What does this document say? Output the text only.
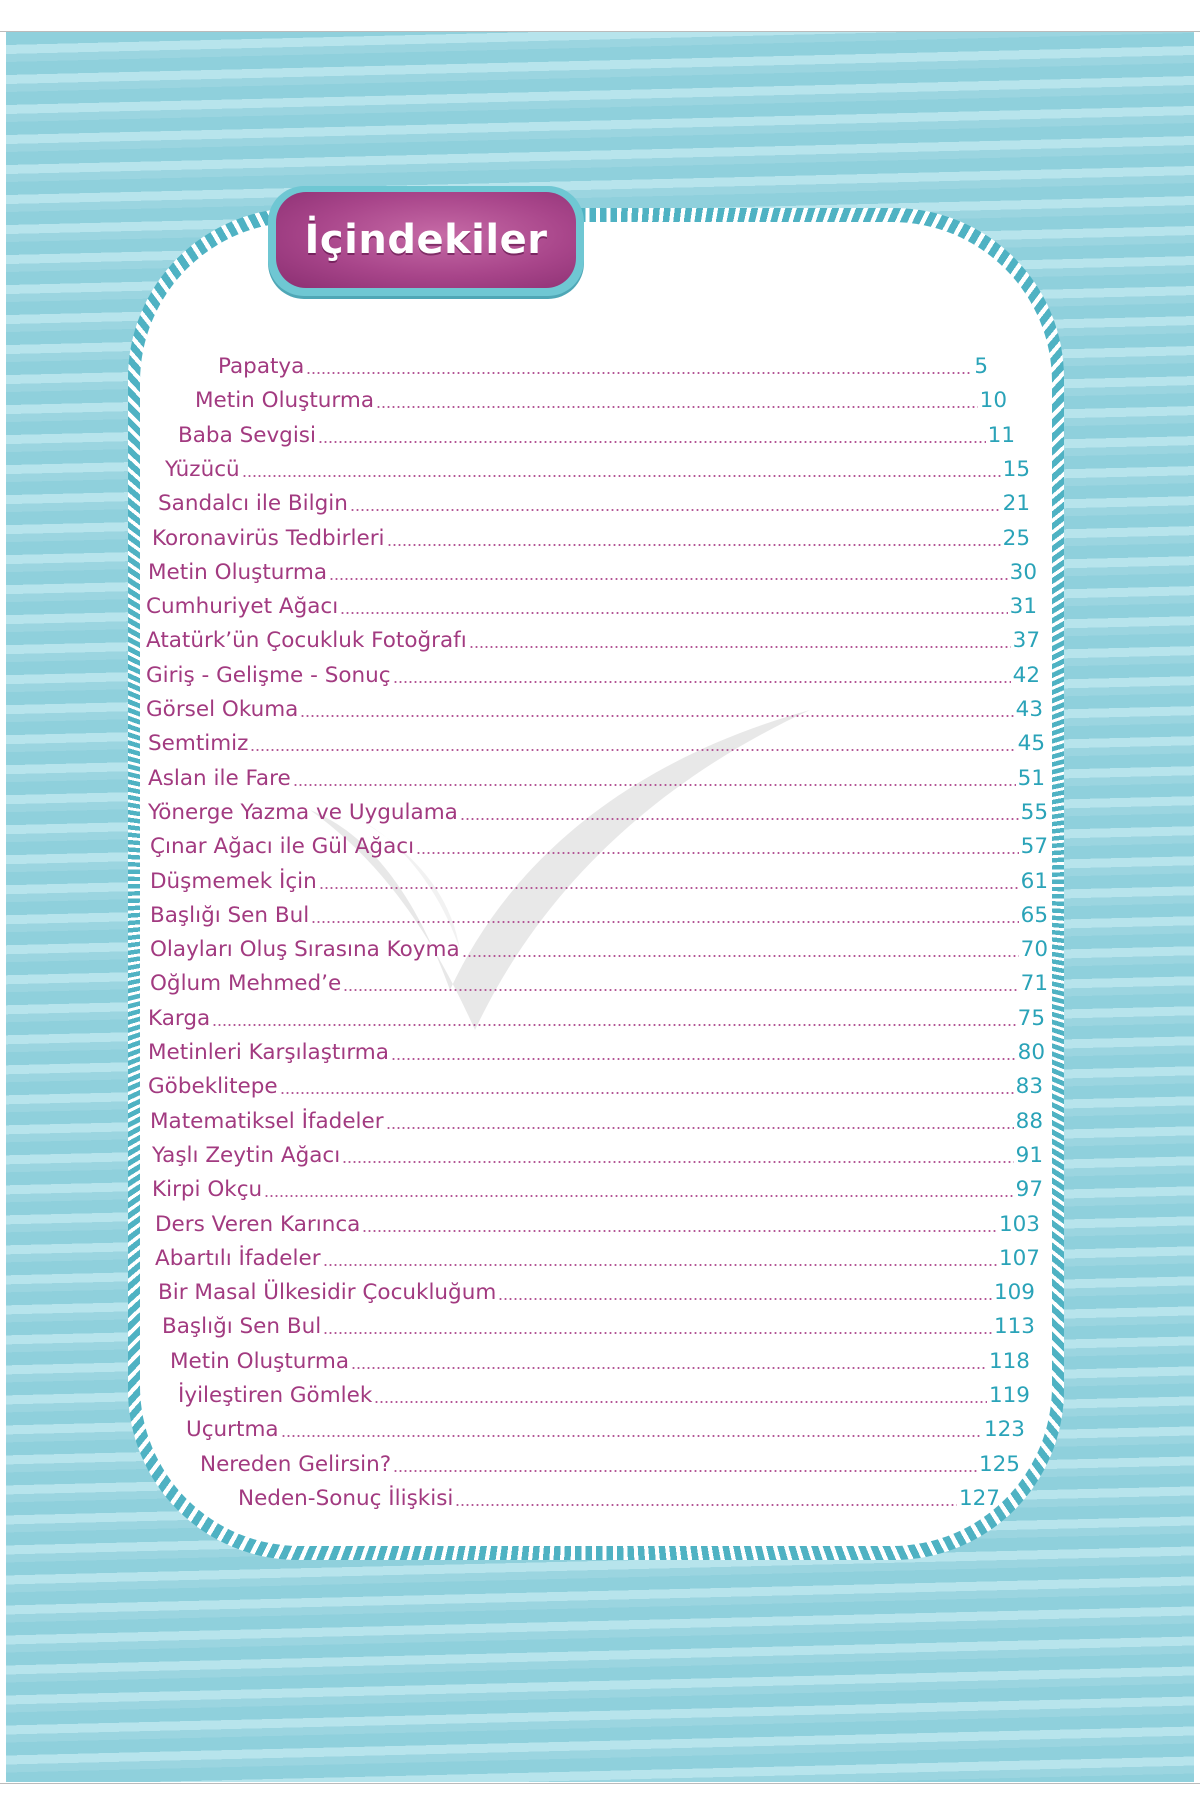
İçindekiler
Papatya	5
Metin Oluşturma	10
Baba Sevgisi	11
Yüzücü	15
Sandalcı ile Bilgin	21
Koronavirüs Tedbirleri	25
Metin Oluşturma	30
Cumhuriyet Ağacı	31
Atatürk’ün Çocukluk Fotoğrafı	37
Giriş - Gelişme - Sonuç	42
Görsel Okuma	43
Semtimiz	45
Aslan ile Fare	51
Yönerge Yazma ve Uygulama	55
Çınar Ağacı ile Gül Ağacı	57
Düşmemek İçin	61
Başlığı Sen Bul	65
Olayları Oluş Sırasına Koyma	70
Oğlum Mehmed’e	71
Karga	75
Metinleri Karşılaştırma	80
Göbeklitepe	83
Matematiksel İfadeler	88
Yaşlı Zeytin Ağacı	91
Kirpi Okçu	97
Ders Veren Karınca	103
Abartılı İfadeler	107
Bir Masal Ülkesidir Çocukluğum	109
Başlığı Sen Bul	113
Metin Oluşturma	118
İyileştiren Gömlek	119
Uçurtma	123
Nereden Gelirsin?	125
Neden-Sonuç İlişkisi	127
